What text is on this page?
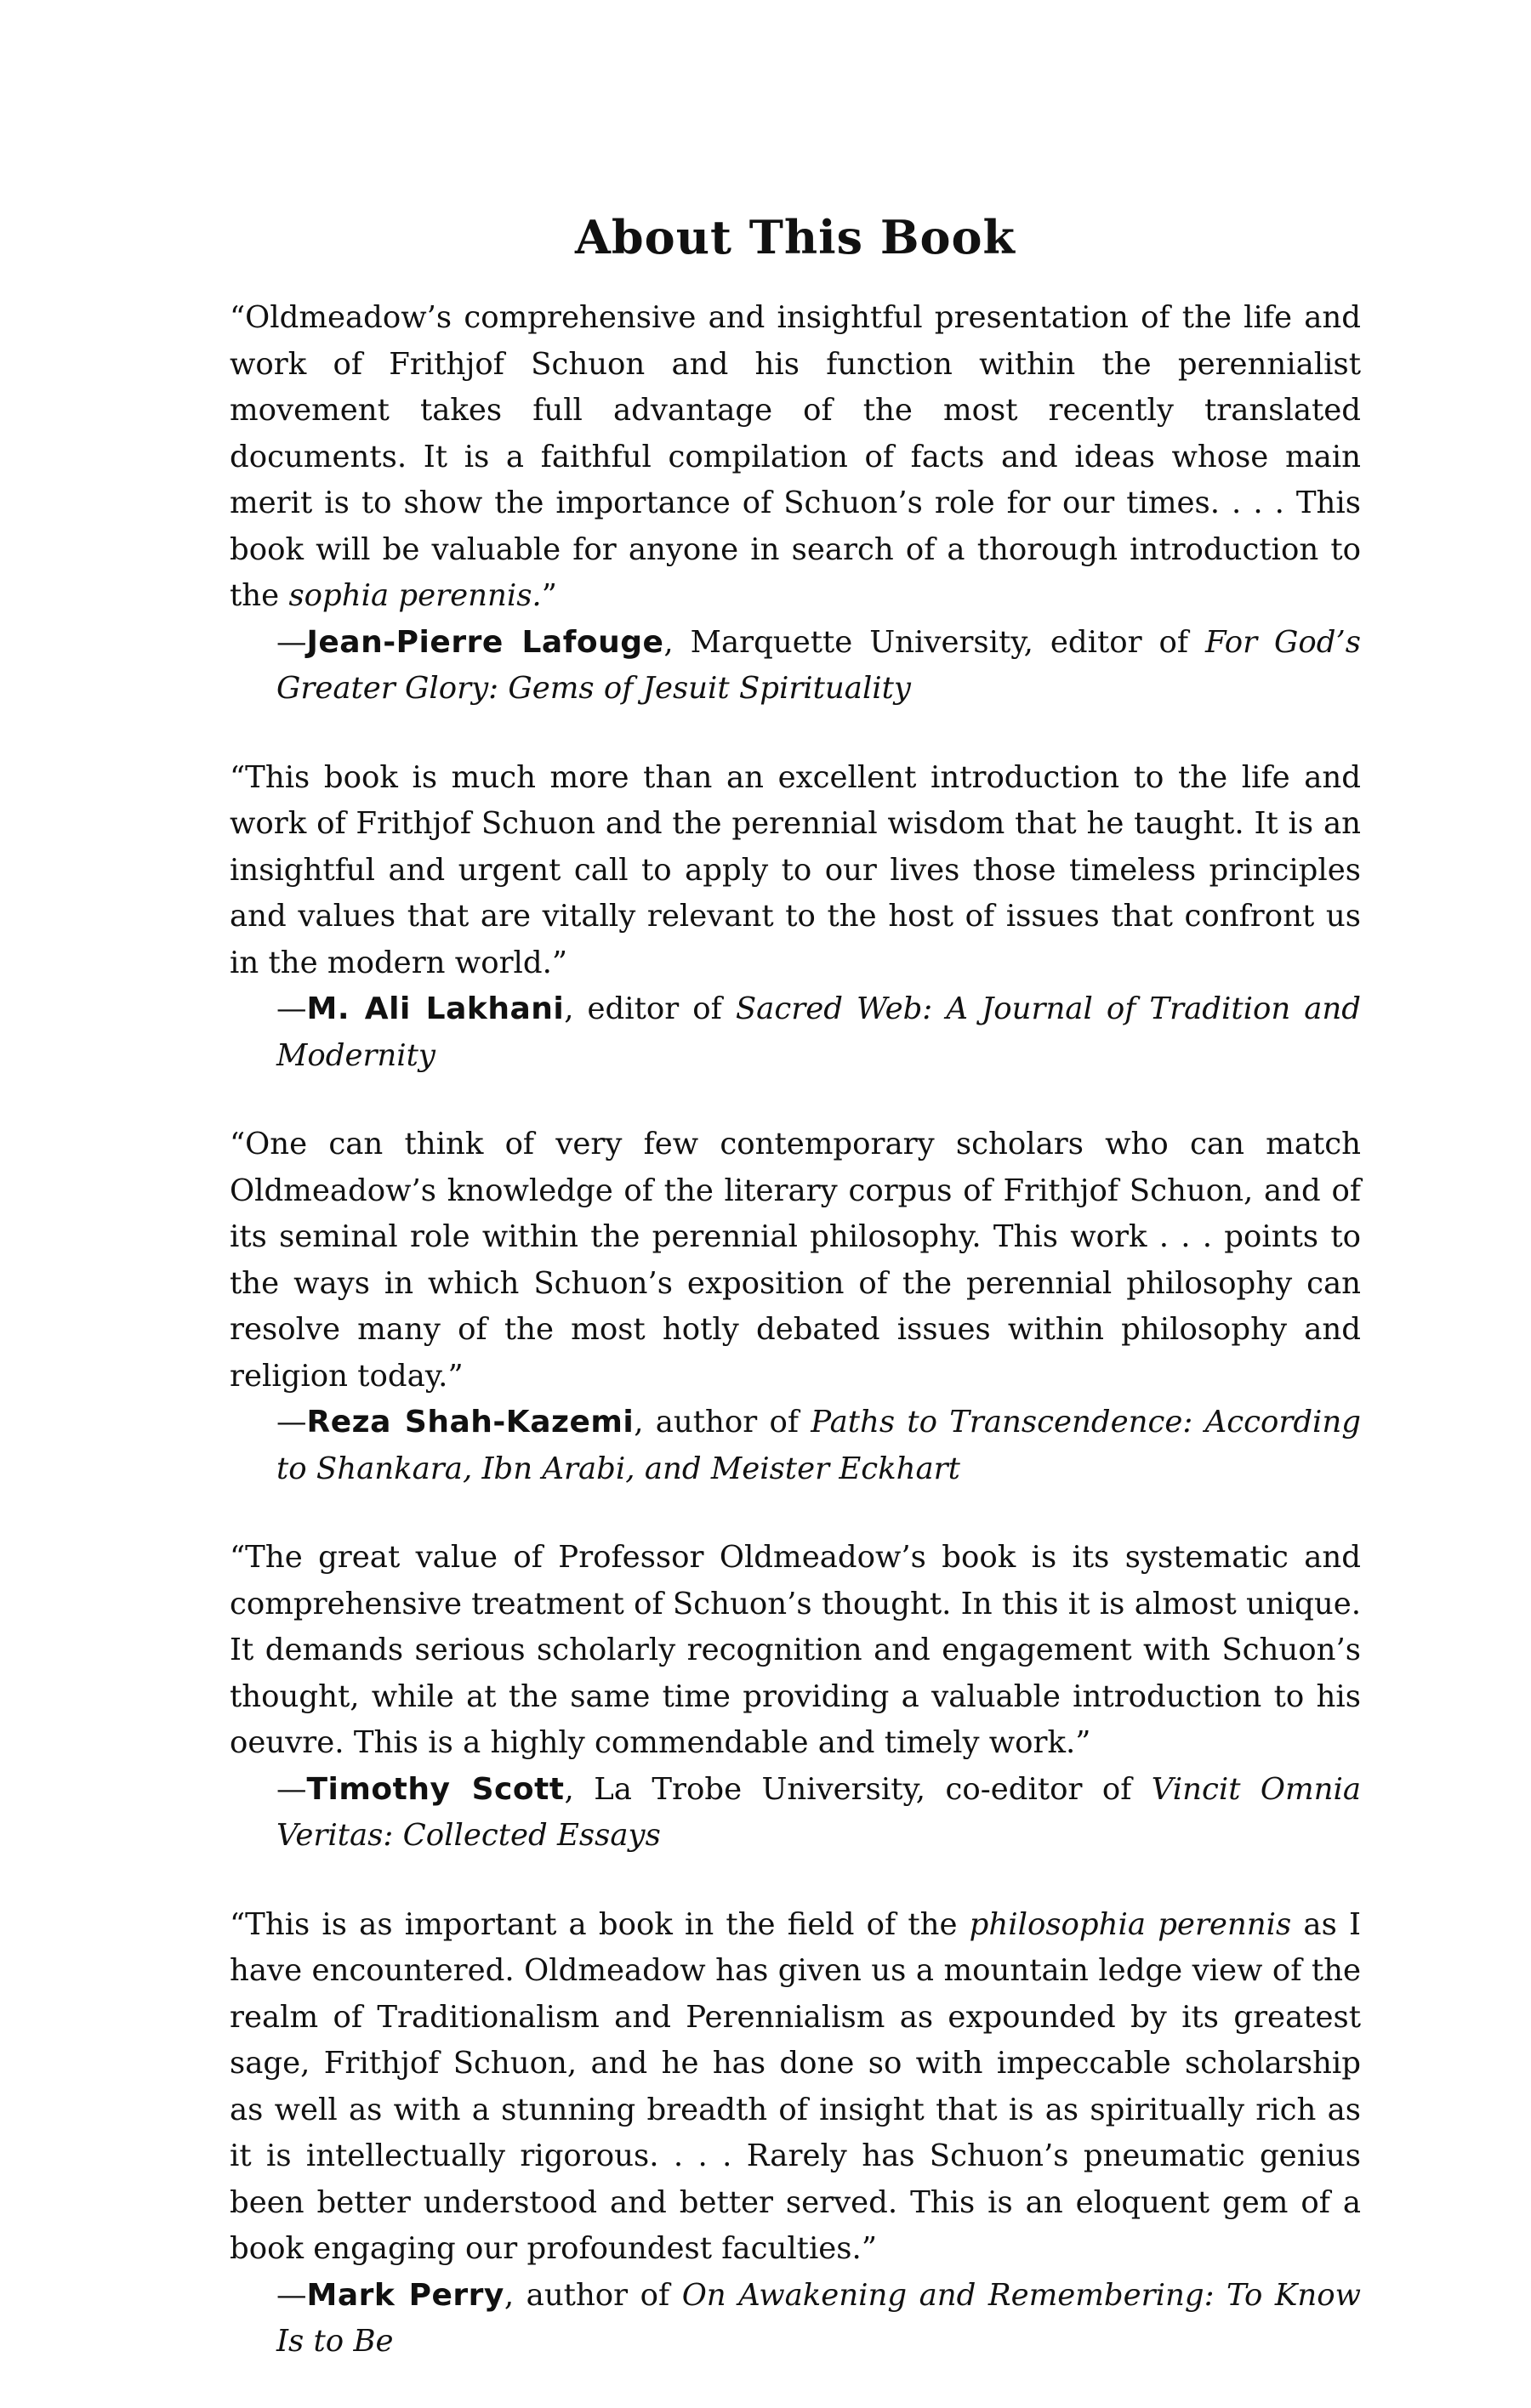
About This Book

“Oldmeadow’s comprehensive and insightful presentation of the life and work of Frithjof Schuon and his function within the perennialist movement takes full advantage of the most recently translated documents. It is a faithful compilation of facts and ideas whose main merit is to show the importance of Schuon’s role for our times. . . . This book will be valuable for anyone in search of a thorough introduction to the sophia perennis.”

—Jean-Pierre Lafouge, Marquette University, editor of For God’s Greater Glory: Gems of Jesuit Spirituality

“This book is much more than an excellent introduction to the life and work of Frithjof Schuon and the perennial wisdom that he taught. It is an insightful and urgent call to apply to our lives those timeless principles and values that are vitally relevant to the host of issues that confront us in the modern world.”

—M. Ali Lakhani, editor of Sacred Web: A Journal of Tradition and Modernity

“One can think of very few contemporary scholars who can match Oldmeadow’s knowledge of the literary corpus of Frithjof Schuon, and of its seminal role within the perennial philosophy. This work . . . points to the ways in which Schuon’s exposition of the perennial philosophy can resolve many of the most hotly debated issues within philosophy and religion today.”

—Reza Shah-Kazemi, author of Paths to Transcendence: According to Shankara, Ibn Arabi, and Meister Eckhart

“The great value of Professor Oldmeadow’s book is its systematic and comprehensive treatment of Schuon’s thought. In this it is almost unique. It demands serious scholarly recognition and engagement with Schuon’s thought, while at the same time providing a valuable introduction to his oeuvre. This is a highly commendable and timely work.”

—Timothy Scott, La Trobe University, co-editor of Vincit Omnia Veritas: Collected Essays

“This is as important a book in the field of the philosophia perennis as I have encountered. Oldmeadow has given us a mountain ledge view of the realm of Traditionalism and Perennialism as expounded by its greatest sage, Frithjof Schuon, and he has done so with impeccable scholarship as well as with a stunning breadth of insight that is as spiritually rich as it is intellectually rigorous. . . . Rarely has Schuon’s pneumatic genius been better understood and better served. This is an eloquent gem of a book engaging our profoundest faculties.”

—Mark Perry, author of On Awakening and Remembering: To Know Is to Be
